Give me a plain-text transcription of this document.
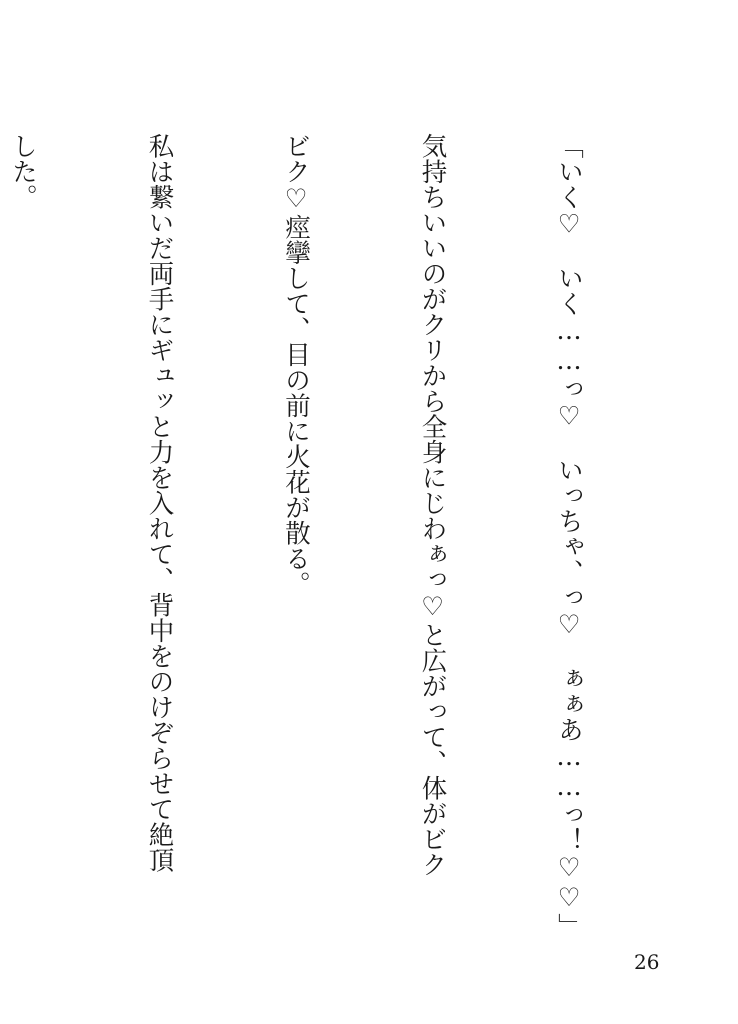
「いく♡　いく……っ♡　いっちゃ、っ♡　ぁぁあ……っ！♡♡」

気持ちいいのがクリから全身にじわぁっ♡と広がって、体がビク

ビク♡痙攣して、目の前に火花が散る。

私は繋いだ両手にギュッと力を入れて、背中をのけぞらせて絶頂

した。

26
